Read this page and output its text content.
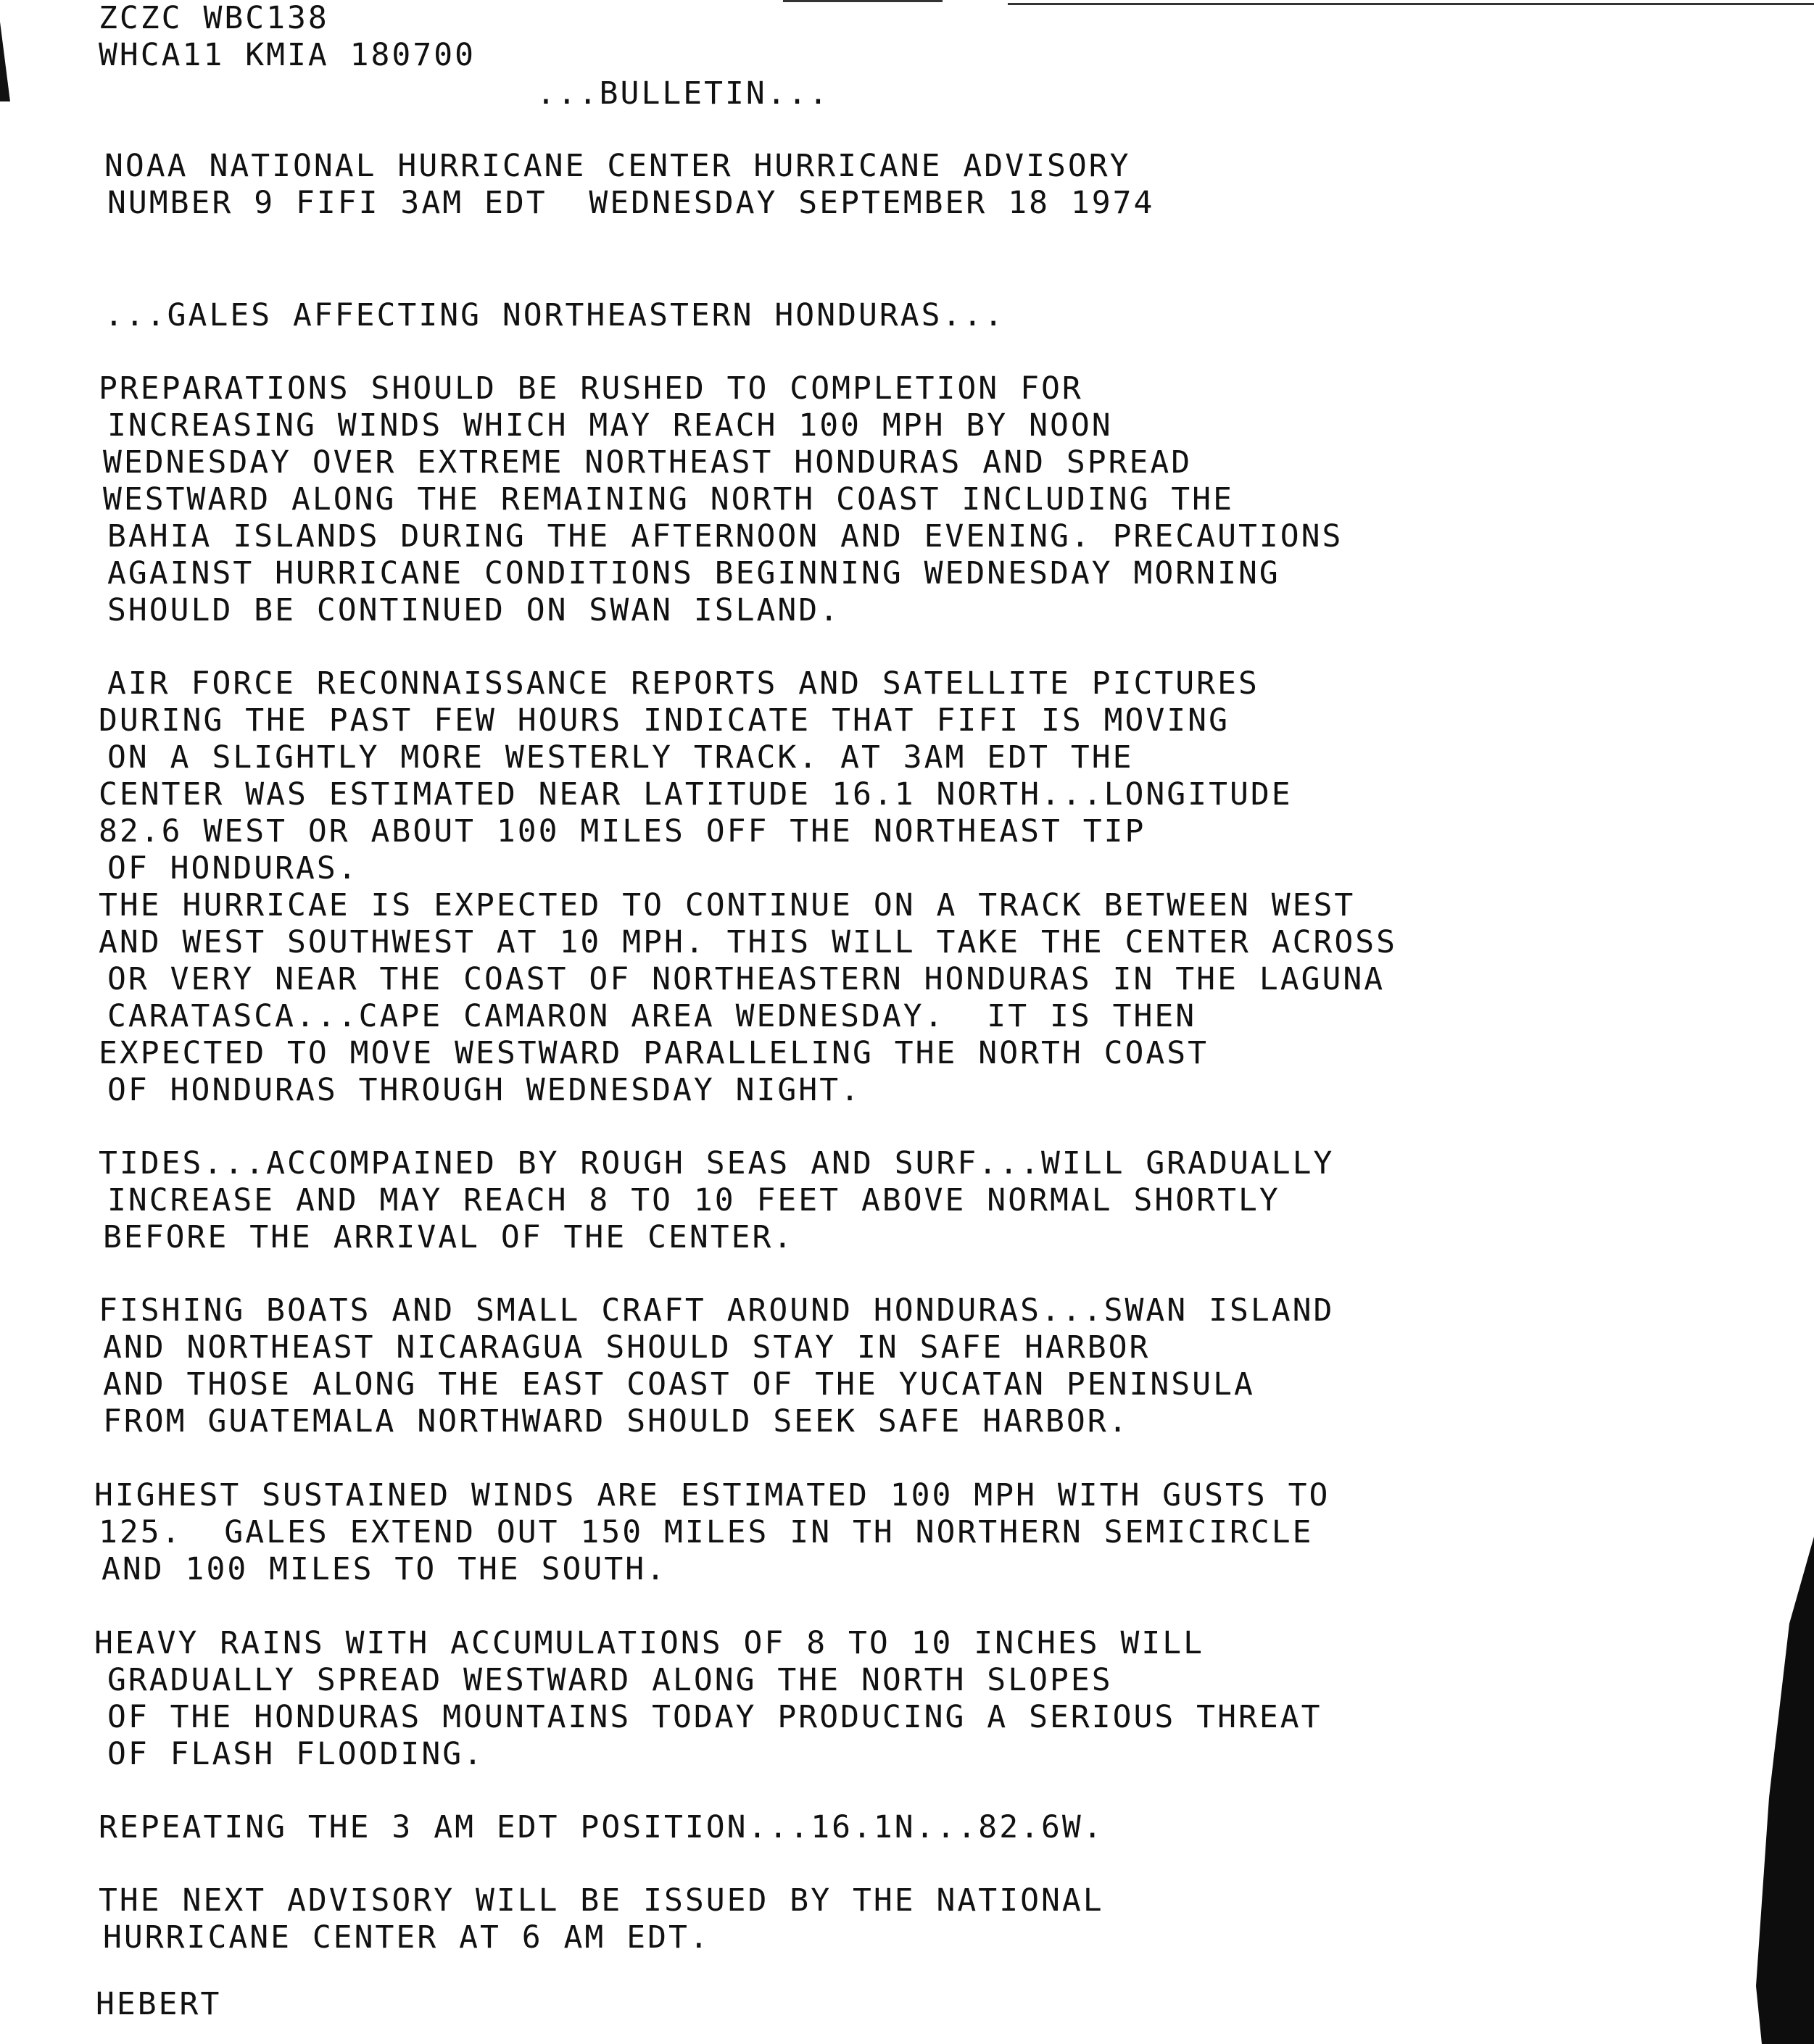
ZCZC WBC138

WHCA11 KMIA 180700

NOAA NATIONAL HURRICANE CENTER HURRICANE ADVISORY

NUMBER 9 FIFI 3AM EDT  WEDNESDAY SEPTEMBER 18 1974

...GALES AFFECTING NORTHEASTERN HONDURAS...

PREPARATIONS SHOULD BE RUSHED TO COMPLETION FOR

INCREASING WINDS WHICH MAY REACH 100 MPH BY NOON

WEDNESDAY OVER EXTREME NORTHEAST HONDURAS AND SPREAD

WESTWARD ALONG THE REMAINING NORTH COAST INCLUDING THE

BAHIA ISLANDS DURING THE AFTERNOON AND EVENING. PRECAUTIONS

AGAINST HURRICANE CONDITIONS BEGINNING WEDNESDAY MORNING

SHOULD BE CONTINUED ON SWAN ISLAND.

AIR FORCE RECONNAISSANCE REPORTS AND SATELLITE PICTURES

DURING THE PAST FEW HOURS INDICATE THAT FIFI IS MOVING

ON A SLIGHTLY MORE WESTERLY TRACK. AT 3AM EDT THE

CENTER WAS ESTIMATED NEAR LATITUDE 16.1 NORTH...LONGITUDE

82.6 WEST OR ABOUT 100 MILES OFF THE NORTHEAST TIP

OF HONDURAS.

THE HURRICAE IS EXPECTED TO CONTINUE ON A TRACK BETWEEN WEST

AND WEST SOUTHWEST AT 10 MPH. THIS WILL TAKE THE CENTER ACROSS

OR VERY NEAR THE COAST OF NORTHEASTERN HONDURAS IN THE LAGUNA

CARATASCA...CAPE CAMARON AREA WEDNESDAY.  IT IS THEN

EXPECTED TO MOVE WESTWARD PARALLELING THE NORTH COAST

OF HONDURAS THROUGH WEDNESDAY NIGHT.

TIDES...ACCOMPAINED BY ROUGH SEAS AND SURF...WILL GRADUALLY

INCREASE AND MAY REACH 8 TO 10 FEET ABOVE NORMAL SHORTLY

BEFORE THE ARRIVAL OF THE CENTER.

FISHING BOATS AND SMALL CRAFT AROUND HONDURAS...SWAN ISLAND

AND NORTHEAST NICARAGUA SHOULD STAY IN SAFE HARBOR

AND THOSE ALONG THE EAST COAST OF THE YUCATAN PENINSULA

FROM GUATEMALA NORTHWARD SHOULD SEEK SAFE HARBOR.

HIGHEST SUSTAINED WINDS ARE ESTIMATED 100 MPH WITH GUSTS TO

125.  GALES EXTEND OUT 150 MILES IN TH NORTHERN SEMICIRCLE

AND 100 MILES TO THE SOUTH.

HEAVY RAINS WITH ACCUMULATIONS OF 8 TO 10 INCHES WILL

GRADUALLY SPREAD WESTWARD ALONG THE NORTH SLOPES

OF THE HONDURAS MOUNTAINS TODAY PRODUCING A SERIOUS THREAT

OF FLASH FLOODING.

REPEATING THE 3 AM EDT POSITION...16.1N...82.6W.

THE NEXT ADVISORY WILL BE ISSUED BY THE NATIONAL

HURRICANE CENTER AT 6 AM EDT.

HEBERT

...BULLETIN...
